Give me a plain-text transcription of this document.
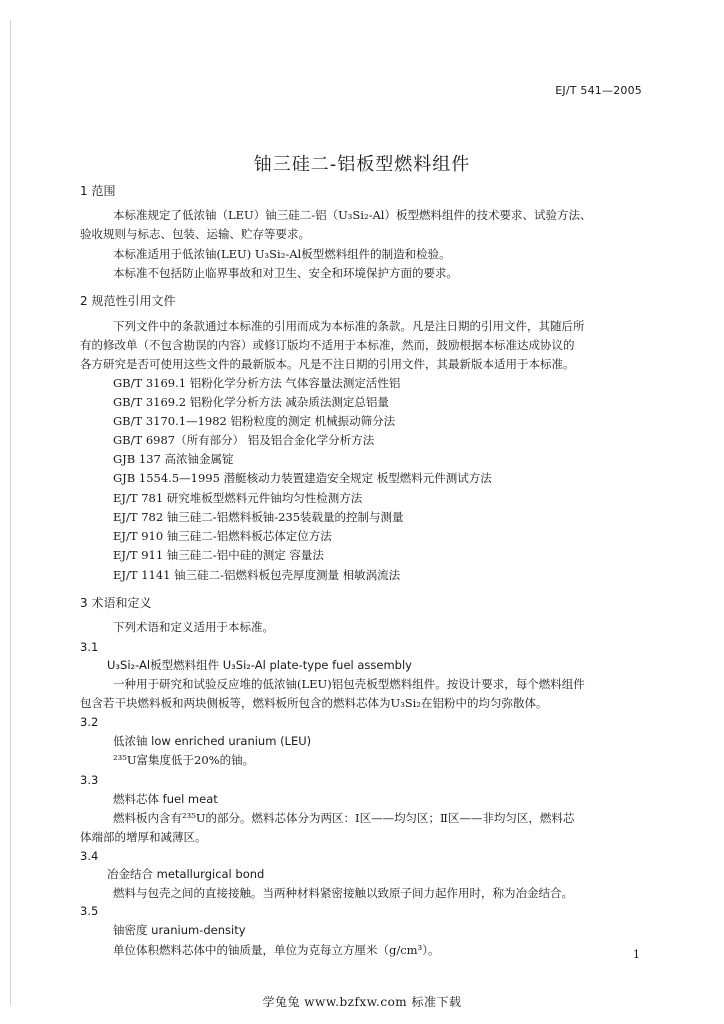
EJ/T 541—2005
铀三硅二-铝板型燃料组件
1 范围
本标准规定了低浓铀（LEU）铀三硅二-铝（U₃Si₂-Al）板型燃料组件的技术要求、试验方法、
验收规则与标志、包装、运输、贮存等要求。
本标准适用于低浓铀(LEU) U₃Si₂-Al板型燃料组件的制造和检验。
本标准不包括防止临界事故和对卫生、安全和环境保护方面的要求。
2 规范性引用文件
下列文件中的条款通过本标准的引用而成为本标准的条款。凡是注日期的引用文件，其随后所
有的修改单（不包含勘误的内容）或修订版均不适用于本标准，然而，鼓励根据本标准达成协议的
各方研究是否可使用这些文件的最新版本。凡是不注日期的引用文件，其最新版本适用于本标准。
GB/T 3169.1 铝粉化学分析方法 气体容量法测定活性铝
GB/T 3169.2 铝粉化学分析方法 减杂质法测定总铝量
GB/T 3170.1—1982 铝粉粒度的测定 机械振动筛分法
GB/T 6987（所有部分） 铝及铝合金化学分析方法
GJB 137 高浓铀金属锭
GJB 1554.5—1995 潜艇核动力装置建造安全规定 板型燃料元件测试方法
EJ/T 781 研究堆板型燃料元件铀均匀性检测方法
EJ/T 782 铀三硅二-铝燃料板铀-235装载量的控制与测量
EJ/T 910 铀三硅二-铝燃料板芯体定位方法
EJ/T 911 铀三硅二-铝中硅的测定 容量法
EJ/T 1141 铀三硅二-铝燃料板包壳厚度测量 相敏涡流法
3 术语和定义
下列术语和定义适用于本标准。
3.1
U₃Si₂-Al板型燃料组件 U₃Si₂-Al plate-type fuel assembly
一种用于研究和试验反应堆的低浓铀(LEU)铝包壳板型燃料组件。按设计要求，每个燃料组件
包含若干块燃料板和两块侧板等，燃料板所包含的燃料芯体为U₃Si₂在铝粉中的均匀弥散体。
3.2
低浓铀 low enriched uranium (LEU)
²³⁵U富集度低于20%的铀。
3.3
燃料芯体 fuel meat
燃料板内含有²³⁵U的部分。燃料芯体分为两区：Ⅰ区——均匀区；Ⅱ区——非均匀区，燃料芯
体端部的增厚和减薄区。
3.4
冶金结合 metallurgical bond
燃料与包壳之间的直接接触。当两种材料紧密接触以致原子间力起作用时，称为冶金结合。
3.5
铀密度 uranium-density
单位体积燃料芯体中的铀质量，单位为克每立方厘米（g/cm³）。	1
学兔兔 www.bzfxw.com 标准下载
